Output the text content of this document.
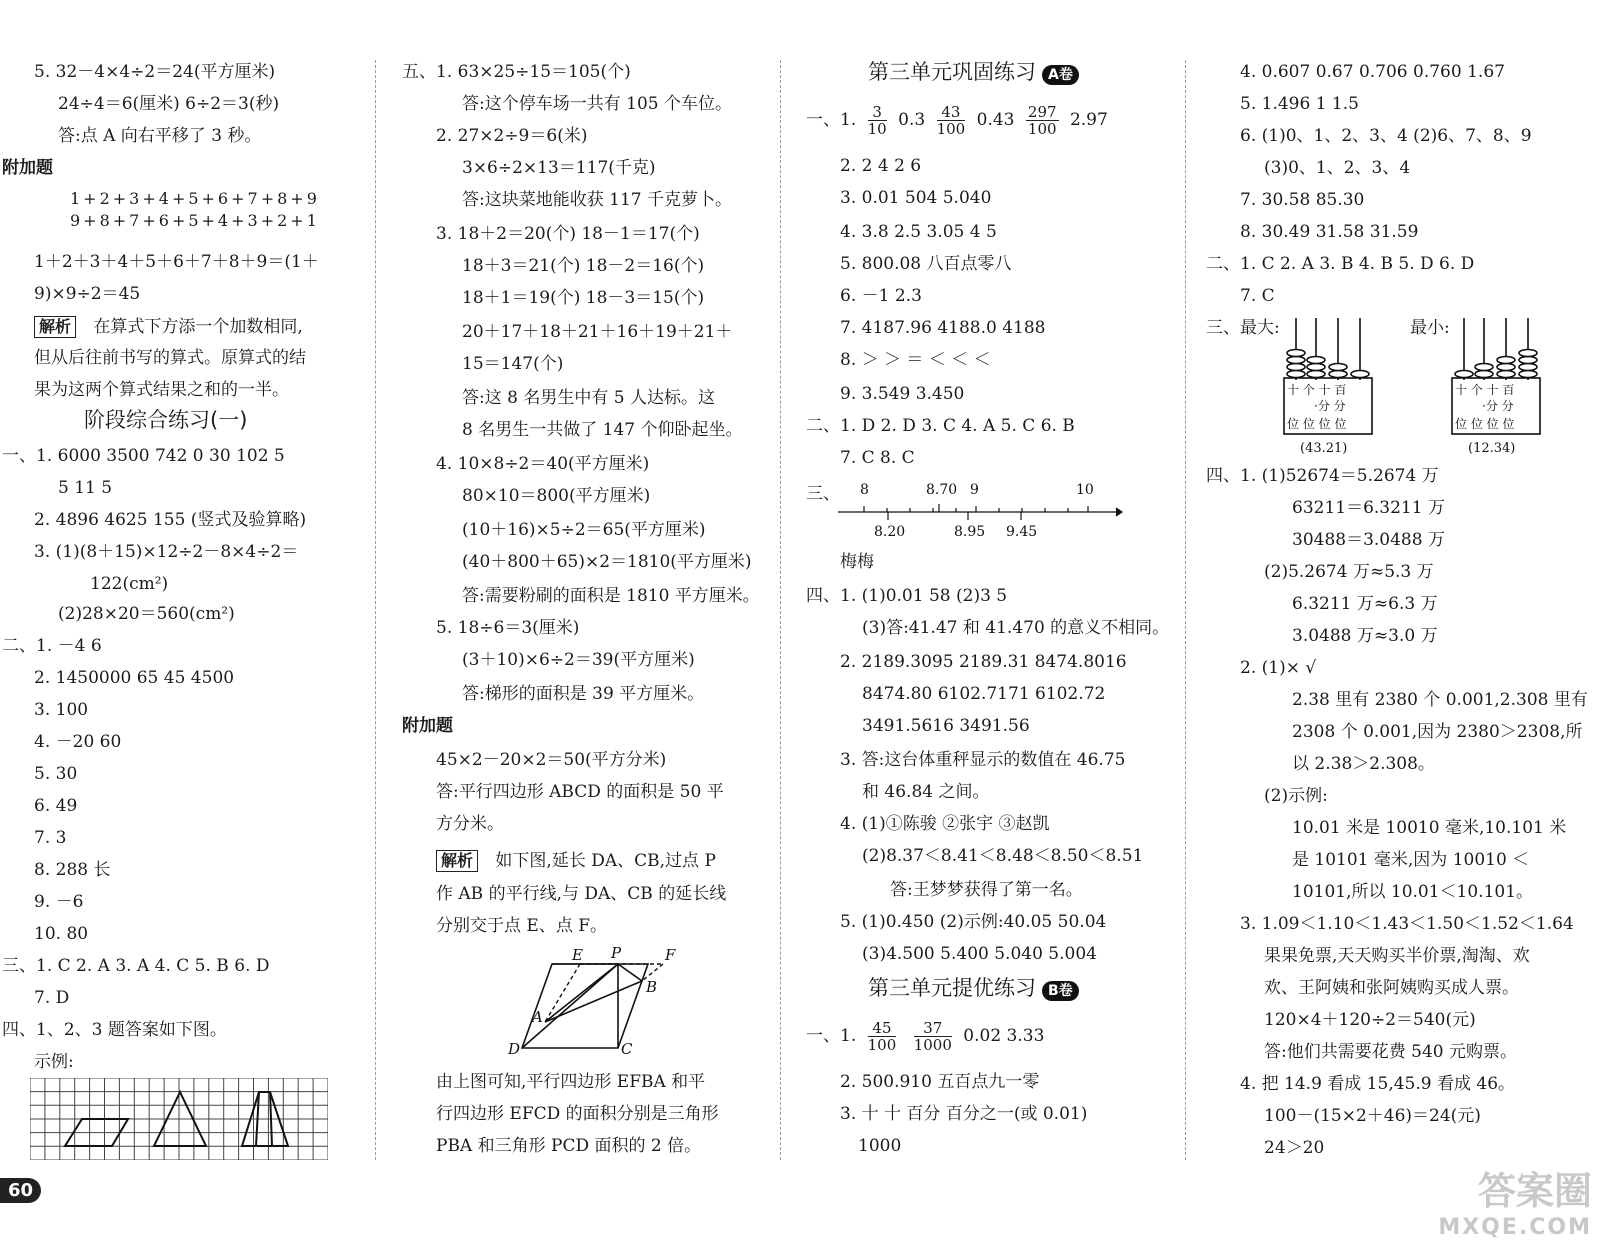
5. 32－4×4÷2＝24(平方厘米)
24÷4＝6(厘米) 6÷2＝3(秒)
答:点 A 向右平移了 3 秒。
附加题
1+2+3+4+5+6+7+8+9
9+8+7+6+5+4+3+2+1
1＋2＋3＋4＋5＋6＋7＋8＋9＝(1＋
9)×9÷2＝45
解析 在算式下方添一个加数相同,
但从后往前书写的算式。原算式的结
果为这两个算式结果之和的一半。
阶段综合练习(一)
一、1. 6000 3500 742 0 30 102 5
5 11 5
2. 4896 4625 155 (竖式及验算略)
3. (1)(8＋15)×12÷2－8×4÷2＝
122(cm²)
(2)28×20＝560(cm²)
二、1. －4 6
2. 1450000 65 45 4500
3. 100
4. －20 60
5. 30
6. 49
7. 3
8. 288 长
9. －6
10. 80
三、1. C 2. A 3. A 4. C 5. B 6. D
7. D
四、1、2、3 题答案如下图。
示例:
60
五、1. 63×25÷15＝105(个)
答:这个停车场一共有 105 个车位。
2. 27×2÷9＝6(米)
3×6÷2×13＝117(千克)
答:这块菜地能收获 117 千克萝卜。
3. 18＋2＝20(个) 18－1＝17(个)
18＋3＝21(个) 18－2＝16(个)
18＋1＝19(个) 18－3＝15(个)
20＋17＋18＋21＋16＋19＋21＋
15＝147(个)
答:这 8 名男生中有 5 人达标。这
8 名男生一共做了 147 个仰卧起坐。
4. 10×8÷2＝40(平方厘米)
80×10＝800(平方厘米)
(10＋16)×5÷2＝65(平方厘米)
(40＋800＋65)×2＝1810(平方厘米)
答:需要粉刷的面积是 1810 平方厘米。
5. 18÷6＝3(厘米)
(3＋10)×6÷2＝39(平方厘米)
答:梯形的面积是 39 平方厘米。
附加题
45×2－20×2＝50(平方分米)
答:平行四边形 ABCD 的面积是 50 平
方分米。
解析 如下图,延长 DA、CB,过点 P
作 AB 的平行线,与 DA、CB 的延长线
分别交于点 E、点 F。
E P	F
A
B
D	C
由上图可知,平行四边形 EFBA 和平
行四边形 EFCD 的面积分别是三角形
PBA 和三角形 PCD 面积的 2 倍。
第三单元巩固练习 A卷
一、1. $\frac{3}{10} 0.3 \frac{43}{100} 0.43 \frac{297}{100} 2.97$
2. 2 4 2 6
3. 0.01 504 5.040
4. 3.8 2.5 3.05 4 5
5. 800.08 八百点零八
6. －1 2.3
7. 4187.96 4188.0 4188
8. ＞ ＞ ＝ ＜ ＜ ＜
9. 3.549 3.450
二、1. D 2. D 3. C 4. A 5. C 6. B
7. C 8. C
三、 8	8.70 9	10
8.20	8.95 9.45
梅梅
四、1. (1)0.01 58 (2)3 5
(3)答:41.47 和 41.470 的意义不相同。
2. 2189.3095 2189.31 8474.8016
8474.80 6102.7171 6102.72
3491.5616 3491.56
3. 答:这台体重秤显示的数值在 46.75
和 46.84 之间。
4. (1)①陈骏 ②张宇 ③赵凯
(2)8.37＜8.41＜8.48＜8.50＜8.51
答:王梦梦获得了第一名。
5. (1)0.450 (2)示例:40.05 50.04
(3)4.500 5.400 5.040 5.004
第三单元提优练习 B卷
一、1. $\frac{45}{100}$
$\frac{37}{1000} 0.02$ 3.33
2. 500.910 五百点九一零
3. 十 十 百分 百分之一(或 0.01)
1000
4. 0.607 0.67 0.706 0.760 1.67
5. 1.496 1 1.5
6. (1)0、1、2、3、4 (2)6、7、8、9
(3)0、1、2、3、4
7. 30.58 85.30
8. 30.49 31.58 31.59
二、1. C 2. A 3. B 4. B 5. D 6. D
7. C
三、最大:	最小:
十 个 十 百
·分 分
位 位 位 位
(43.21)
十 个 十 百
·分 分
位 位 位 位
(12.34)
四、1. (1)52674＝5.2674 万
63211＝6.3211 万
30488＝3.0488 万
(2)5.2674 万≈5.3 万
6.3211 万≈6.3 万
3.0488 万≈3.0 万
2. (1)× √
2.38 里有 2380 个 0.001,2.308 里有
2308 个 0.001,因为 2380＞2308,所
以 2.38＞2.308。
(2)示例:
10.01 米是 10010 毫米,10.101 米
是 10101 毫米,因为 10010 ＜
10101,所以 10.01＜10.101。
3. 1.09＜1.10＜1.43＜1.50＜1.52＜1.64
果果免票,天天购买半价票,淘淘、欢
欢、王阿姨和张阿姨购买成人票。
120×4＋120÷2＝540(元)
答:他们共需要花费 540 元购票。
4. 把 14.9 看成 15,45.9 看成 46。
100－(15×2＋46)＝24(元)
24＞20
答案圈
MXQE.COM
